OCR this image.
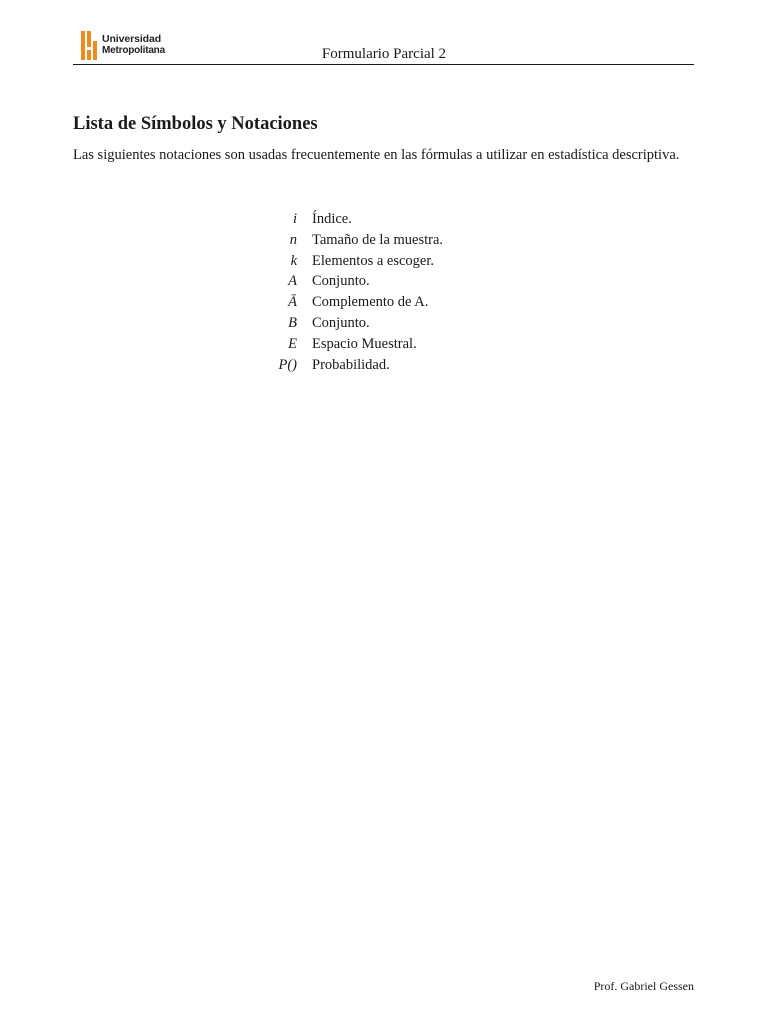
Universidad
Metropolitana	Formulario Parcial 2
Lista de Símbolos y Notaciones

Las siguientes notaciones son usadas frecuentemente en las fórmulas a utilizar en estadística descriptiva.

i	Índice.
n	Tamaño de la muestra.
k	Elementos a escoger.
A	Conjunto.
Ā	Complemento de A.
B	Conjunto.
E	Espacio Muestral.
P()	Probabilidad.
Prof. Gabriel Gessen
